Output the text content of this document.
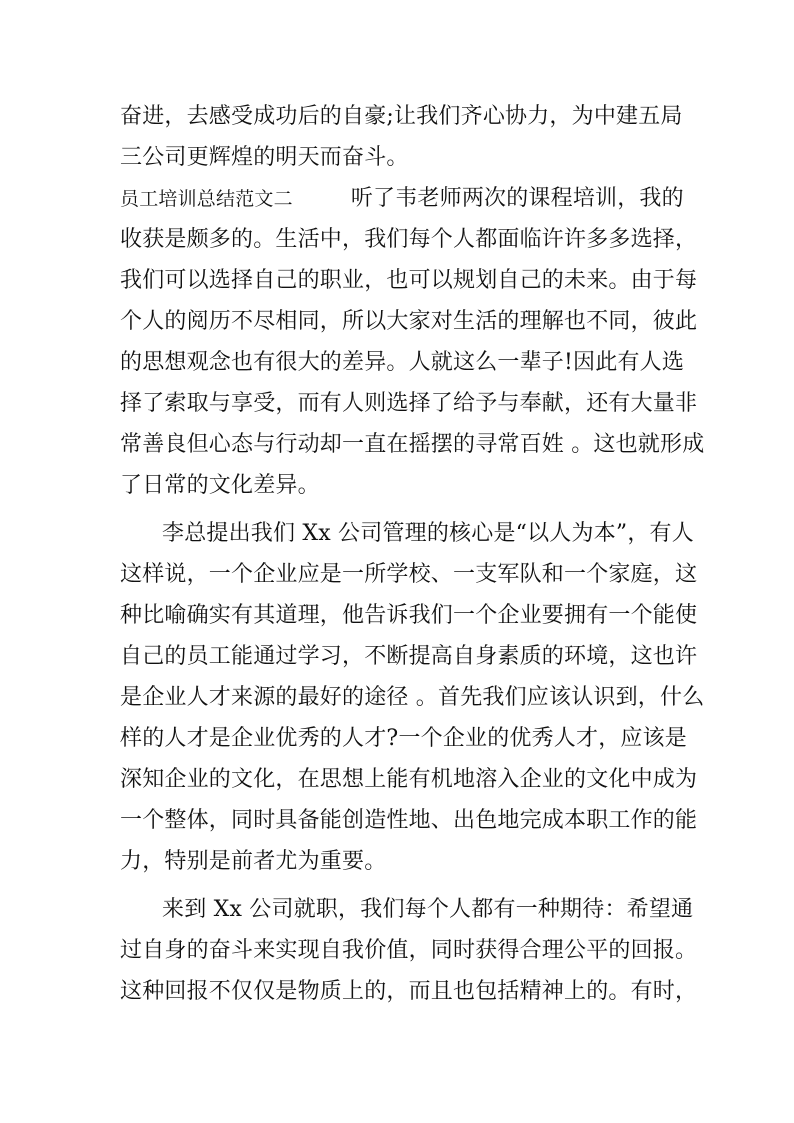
奋进，去感受成功后的自豪;让我们齐心协力，为中建五局
三公司更辉煌的明天而奋斗。
员工培训总结范文二	听了韦老师两次的课程培训，我的
收获是颇多的。生活中，我们每个人都面临许许多多选择，
我们可以选择自己的职业，也可以规划自己的未来。由于每
个人的阅历不尽相同，所以大家对生活的理解也不同，彼此
的思想观念也有很大的差异。人就这么一辈子!因此有人选
择了索取与享受，而有人则选择了给予与奉献，还有大量非
常善良但心态与行动却一直在摇摆的寻常百姓 。这也就形成
了日常的文化差异。
李总提出我们 Xx 公司管理的核心是“以人为本”，有人
这样说，一个企业应是一所学校、一支军队和一个家庭，这
种比喻确实有其道理，他告诉我们一个企业要拥有一个能使
自己的员工能通过学习，不断提高自身素质的环境，这也许
是企业人才来源的最好的途径 。首先我们应该认识到，什么
样的人才是企业优秀的人才?一个企业的优秀人才，应该是
深知企业的文化，在思想上能有机地溶入企业的文化中成为
一个整体，同时具备能创造性地、出色地完成本职工作的能
力，特别是前者尤为重要。
来到 Xx 公司就职，我们每个人都有一种期待：希望通
过自身的奋斗来实现自我价值，同时获得合理公平的回报。
这种回报不仅仅是物质上的，而且也包括精神上的。有时，
